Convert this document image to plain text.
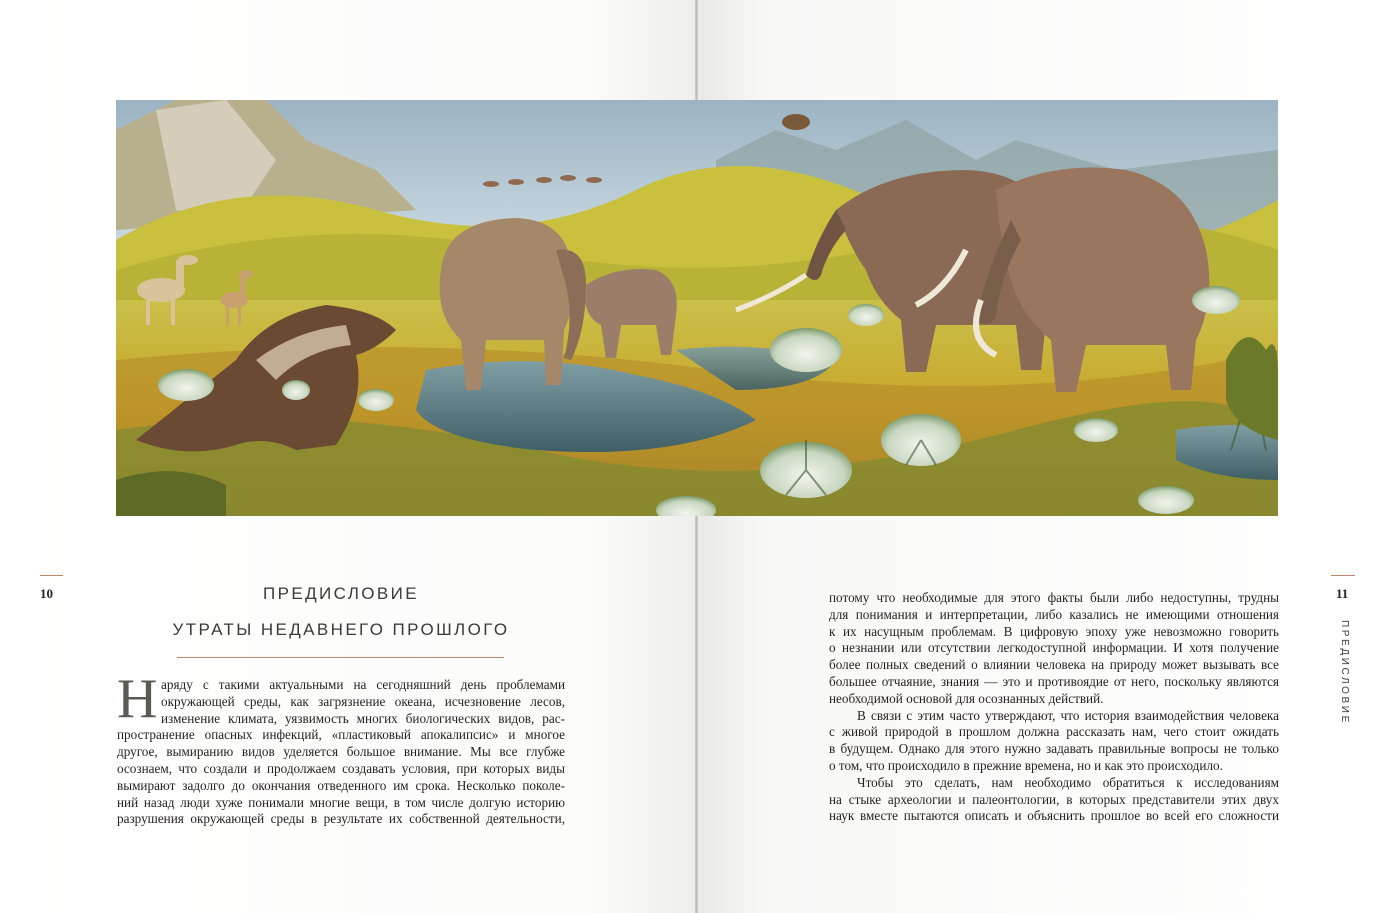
10	11
ПРЕДИСЛОВИЕ
ПРЕДИСЛОВИЕ
УТРАТЫ НЕДАВНЕГО ПРОШЛОГО
Н аряду с такими актуальными на сегодняшний день проблемами
окружающей среды, как загрязнение океана, исчезновение лесов,
изменение климата, уязвимость многих биологических видов, рас-
пространение опасных инфекций, «пластиковый апокалипсис» и многое
другое, вымиранию видов уделяется большое внимание. Мы все глубже
осознаем, что создали и продолжаем создавать условия, при которых виды
вымирают задолго до окончания отведенного им срока. Несколько поколе-
ний назад люди хуже понимали многие вещи, в том числе долгую историю
разрушения окружающей среды в результате их собственной деятельности,

потому что необходимые для этого факты были либо недоступны, трудны
для понимания и интерпретации, либо казались не имеющими отношения
к их насущным проблемам. В цифровую эпоху уже невозможно говорить
о незнании или отсутствии легкодоступной информации. И хотя получение
более полных сведений о влиянии человека на природу может вызывать все
большее отчаяние, знания — это и противоядие от него, поскольку являются
необходимой основой для осознанных действий.

В связи с этим часто утверждают, что история взаимодействия человека
с живой природой в прошлом должна рассказать нам, чего стоит ожидать
в будущем. Однако для этого нужно задавать правильные вопросы не только
о том, что происходило в прежние времена, но и как это происходило.

Чтобы это сделать, нам необходимо обратиться к исследованиям
на стыке археологии и палеонтологии, в которых представители этих двух
наук вместе пытаются описать и объяснить прошлое во всей его сложности
